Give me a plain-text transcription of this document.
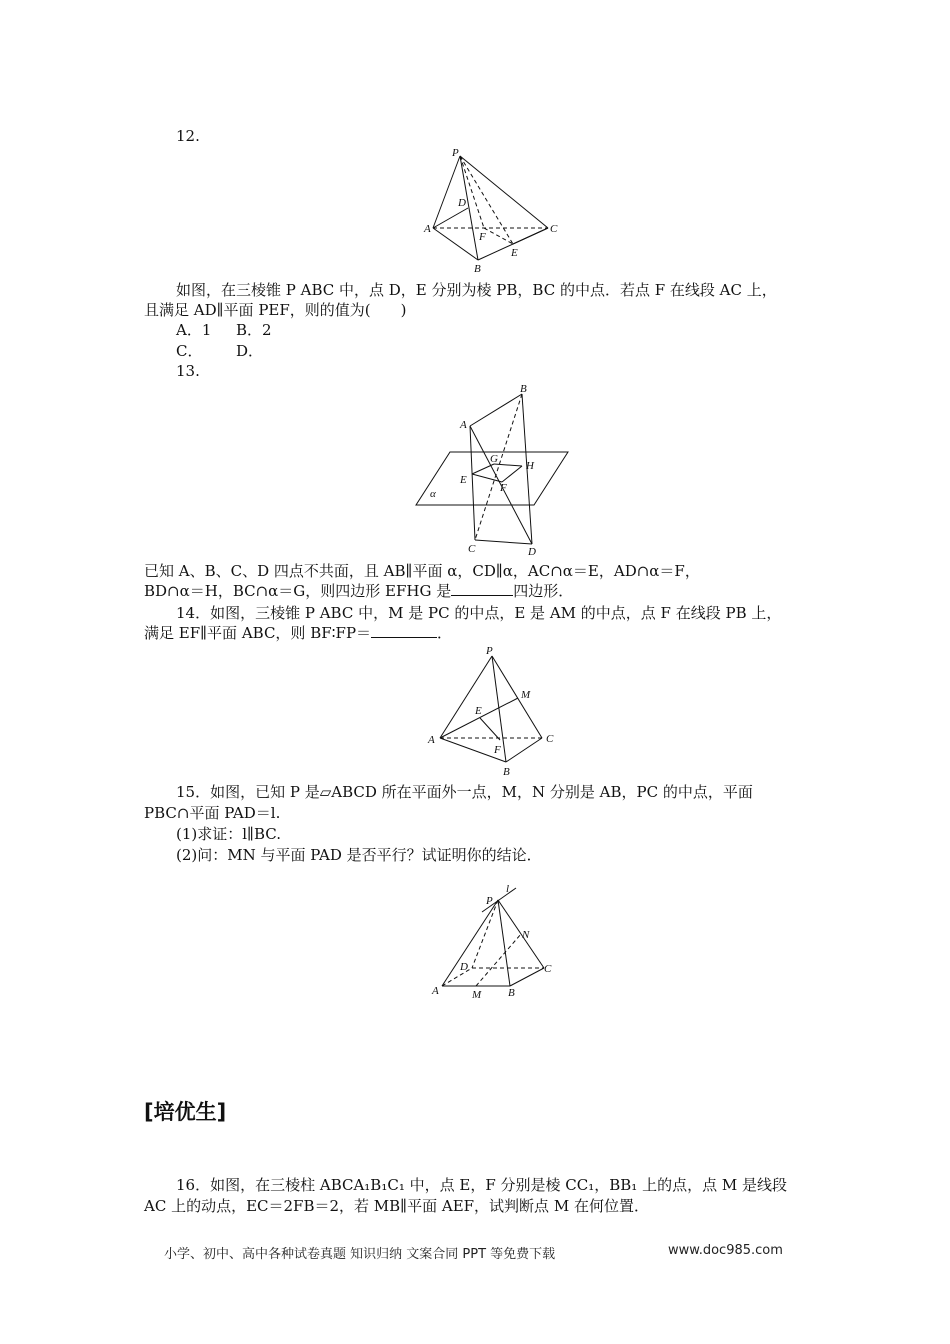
12.
P
D
A	C
F
E
B
如图，在三棱锥 P ABC 中，点 D，E 分别为棱 PB，BC 的中点．若点 F 在线段 AC 上，
且满足 AD∥平面 PEF，则的值为(　　)
A．1 B．2
C． D．
13.
A
B
C	D
E
F
G
H
α
已知 A、B、C、D 四点不共面，且 AB∥平面 α，CD∥α，AC∩α＝E，AD∩α＝F，
BD∩α＝H，BC∩α＝G，则四边形 EFHG 是	四边形．
14．如图，三棱锥 P ABC 中，M 是 PC 的中点，E 是 AM 的中点，点 F 在线段 PB 上，
满足 EF∥平面 ABC，则 BF∶FP＝	．
P
M
E
A	C
F
B
15．如图，已知 P 是▱ABCD 所在平面外一点，M，N 分别是 AB，PC 的中点，平面
PBC∩平面 PAD＝l.
(1)求证：l∥BC.
(2)问：MN 与平面 PAD 是否平行？试证明你的结论．
P
l
N
D	C
A	M B
[培优生]
16．如图，在三棱柱 ABCA₁B₁C₁ 中，点 E，F 分别是棱 CC₁，BB₁ 上的点，点 M 是线段
AC 上的动点，EC＝2FB＝2，若 MB∥平面 AEF，试判断点 M 在何位置．
小学、初中、高中各种试卷真题 知识归纳 文案合同 PPT 等免费下载	www.doc985.com
